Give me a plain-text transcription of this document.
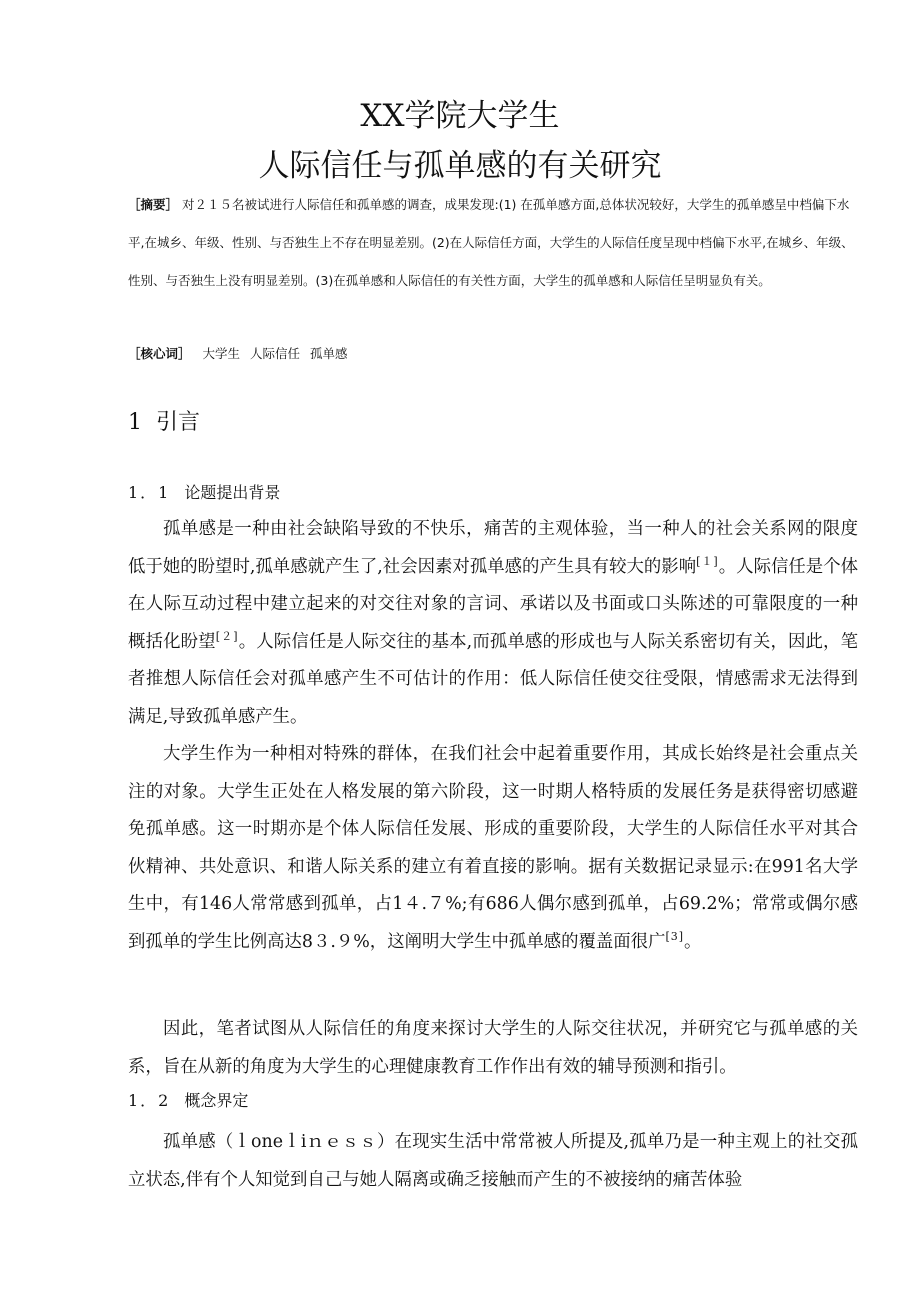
XX学院大学生
人际信任与孤单感的有关研究
［摘要］ 对２１５名被试进行人际信任和孤单感的调查，成果发现:(1) 在孤单感方面,总体状况较好，大学生的孤单感呈中档偏下水平,在城乡、年级、性别、与否独生上不存在明显差别。(2)在人际信任方面，大学生的人际信任度呈现中档偏下水平,在城乡、年级、性别、与否独生上没有明显差别。(3)在孤单感和人际信任的有关性方面，大学生的孤单感和人际信任呈明显负有关。
［核心词］ 大学生 人际信任 孤单感
1 引言
1．1 论题提出背景

孤单感是一种由社会缺陷导致的不快乐，痛苦的主观体验，当一种人的社会关系网的限度低于她的盼望时,孤单感就产生了,社会因素对孤单感的产生具有较大的影响[１]。人际信任是个体在人际互动过程中建立起来的对交往对象的言词、承诺以及书面或口头陈述的可靠限度的一种概括化盼望[２]。人际信任是人际交往的基本,而孤单感的形成也与人际关系密切有关，因此，笔者推想人际信任会对孤单感产生不可估计的作用：低人际信任使交往受限，情感需求无法得到满足,导致孤单感产生。

大学生作为一种相对特殊的群体，在我们社会中起着重要作用，其成长始终是社会重点关注的对象。大学生正处在人格发展的第六阶段，这一时期人格特质的发展任务是获得密切感避免孤单感。这一时期亦是个体人际信任发展、形成的重要阶段，大学生的人际信任水平对其合伙精神、共处意识、和谐人际关系的建立有着直接的影响。据有关数据记录显示:在991名大学生中，有146人常常感到孤单，占1４.７%;有686人偶尔感到孤单，占69.2%；常常或偶尔感到孤单的学生比例高达8３.９%，这阐明大学生中孤单感的覆盖面很广[3]。

因此，笔者试图从人际信任的角度来探讨大学生的人际交往状况，并研究它与孤单感的关系，旨在从新的角度为大学生的心理健康教育工作作出有效的辅导预测和指引。

1．2 概念界定

孤单感（ｌoneｌiｎｅｓｓ）在现实生活中常常被人所提及,孤单乃是一种主观上的社交孤立状态,伴有个人知觉到自己与她人隔离或确乏接触而产生的不被接纳的痛苦体验
